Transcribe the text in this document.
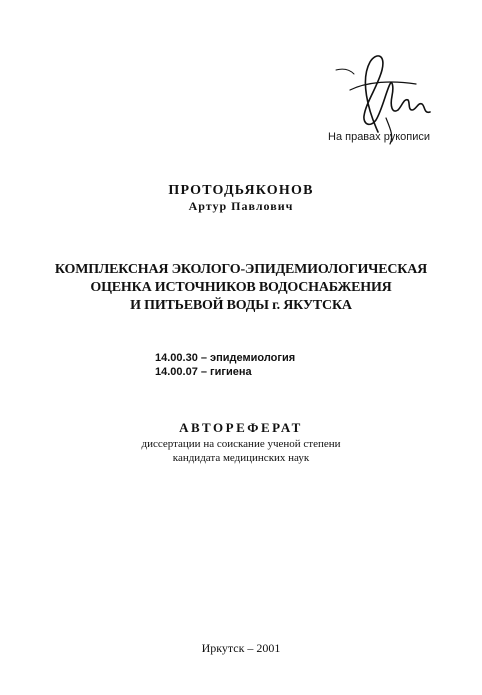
На правах рукописи
ПРОТОДЬЯКОНОВ
Артур Павлович
КОМПЛЕКСНАЯ ЭКОЛОГО-ЭПИДЕМИОЛОГИЧЕСКАЯ
ОЦЕНКА ИСТОЧНИКОВ ВОДОСНАБЖЕНИЯ
И ПИТЬЕВОЙ ВОДЫ г. ЯКУТСКА
14.00.30 – эпидемиология
14.00.07 – гигиена
АВТОРЕФЕРАТ
диссертации на соискание ученой степени
кандидата медицинских наук
Иркутск – 2001
